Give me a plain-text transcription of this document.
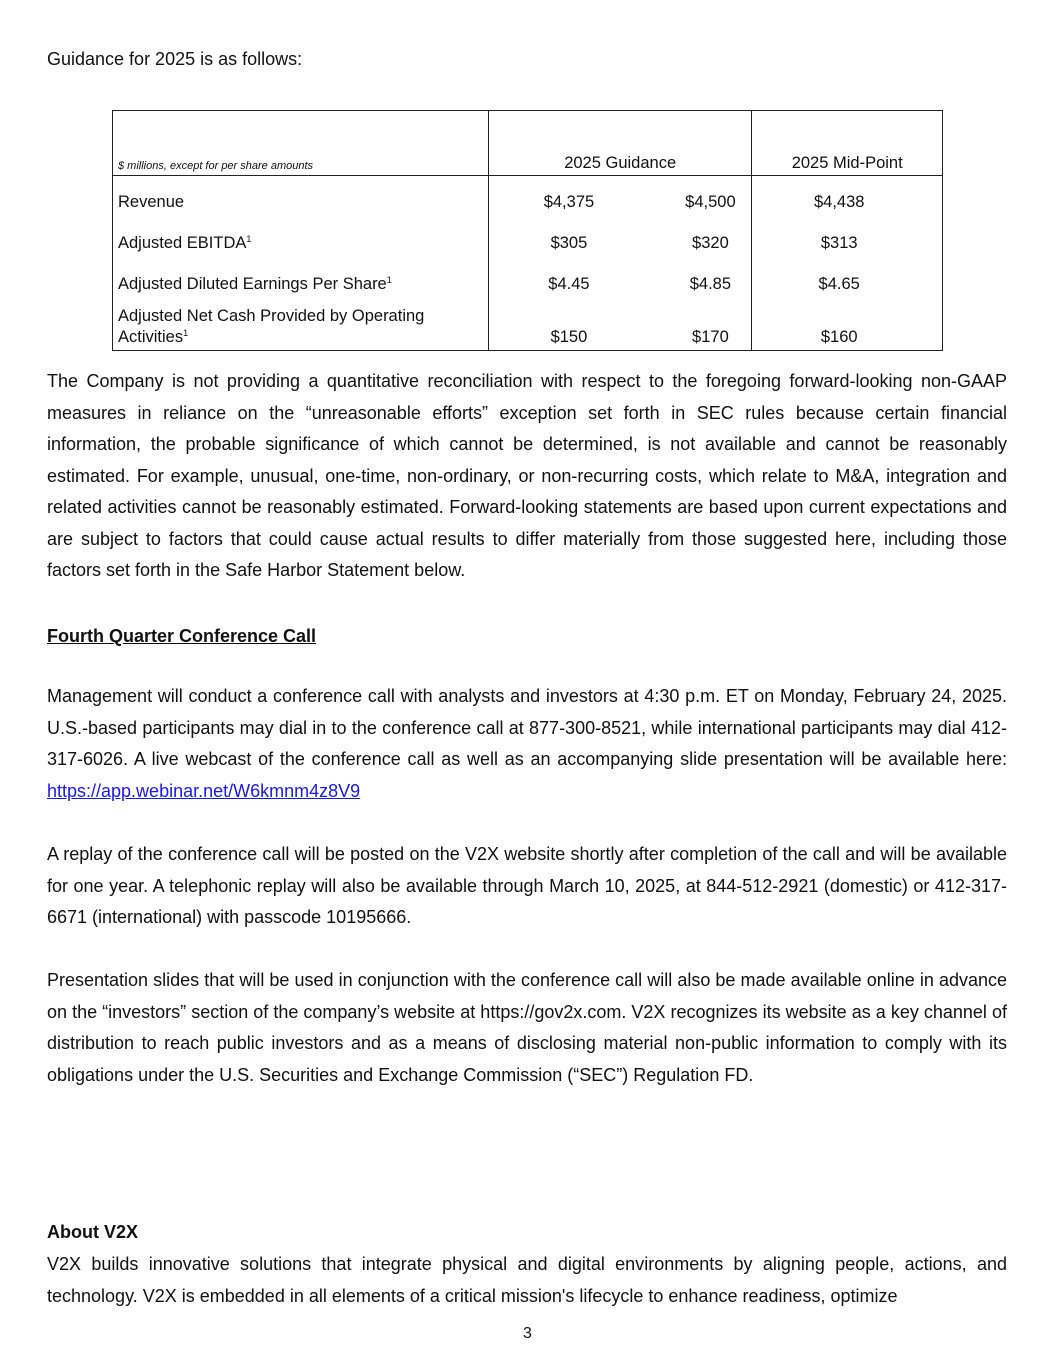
Guidance for 2025 is as follows:

$ millions, except for per share amounts	2025 Guidance	2025 Mid-Point
Revenue	$4,375 $4,500	$4,438

Adjusted EBITDA$^1$	$305 $320	$313

Adjusted Diluted Earnings Per Share$^1$	$4.45 $4.85	$4.65

Adjusted Net Cash Provided by Operating
Activities$^1$	$150 $170	$160

The Company is not providing a quantitative reconciliation with respect to the foregoing forward-looking non-GAAP measures in reliance on the “unreasonable efforts” exception set forth in SEC rules because certain financial information, the probable significance of which cannot be determined, is not available and cannot be reasonably estimated. For example, unusual, one-time, non-ordinary, or non-recurring costs, which relate to M&A, integration and related activities cannot be reasonably estimated. Forward-looking statements are based upon current expectations and are subject to factors that could cause actual results to differ materially from those suggested here, including those factors set forth in the Safe Harbor Statement below.

Fourth Quarter Conference Call

Management will conduct a conference call with analysts and investors at 4:30 p.m. ET on Monday, February 24, 2025. U.S.-based participants may dial in to the conference call at 877-300-8521, while international participants may dial 412-317-6026. A live webcast of the conference call as well as an accompanying slide presentation will be available here: https://app.webinar.net/W6kmnm4z8V9

A replay of the conference call will be posted on the V2X website shortly after completion of the call and will be available for one year. A telephonic replay will also be available through March 10, 2025, at 844-512-2921 (domestic) or 412-317-6671 (international) with passcode 10195666.

Presentation slides that will be used in conjunction with the conference call will also be made available online in advance on the “investors” section of the company’s website at https://gov2x.com. V2X recognizes its website as a key channel of distribution to reach public investors and as a means of disclosing material non-public information to comply with its obligations under the U.S. Securities and Exchange Commission (“SEC”) Regulation FD.

About V2X

V2X builds innovative solutions that integrate physical and digital environments by aligning people, actions, and technology. V2X is embedded in all elements of a critical mission's lifecycle to enhance readiness, optimize

3
